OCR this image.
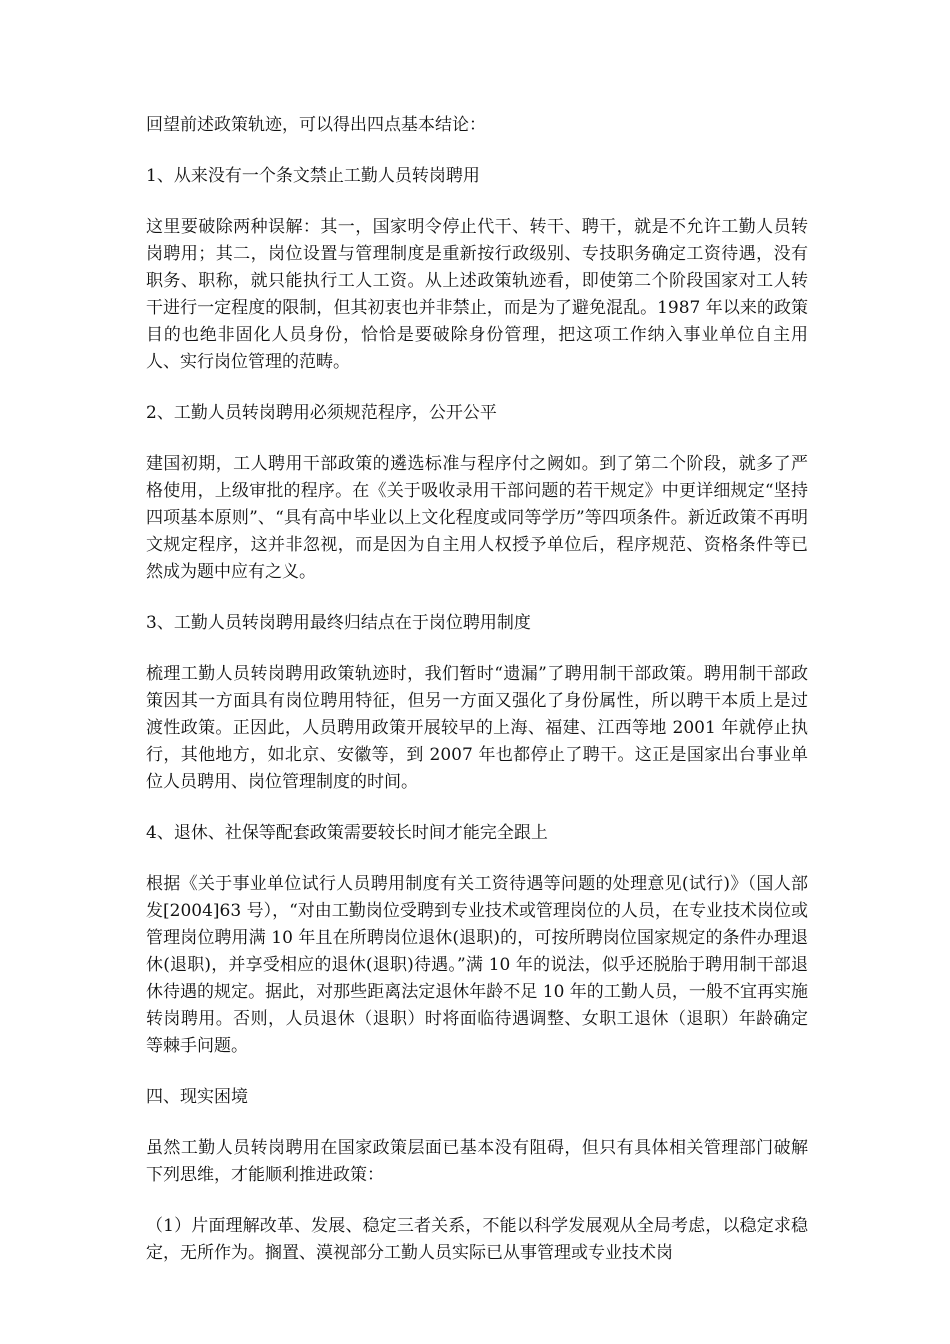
回望前述政策轨迹，可以得出四点基本结论：

1、从来没有一个条文禁止工勤人员转岗聘用

这里要破除两种误解：其一，国家明令停止代干、转干、聘干，就是不允许工勤人员转岗聘用；其二，岗位设置与管理制度是重新按行政级别、专技职务确定工资待遇，没有职务、职称，就只能执行工人工资。从上述政策轨迹看，即使第二个阶段国家对工人转干进行一定程度的限制，但其初衷也并非禁止，而是为了避免混乱。1987 年以来的政策目的也绝非固化人员身份，恰恰是要破除身份管理，把这项工作纳入事业单位自主用人、实行岗位管理的范畴。

2、工勤人员转岗聘用必须规范程序，公开公平

建国初期，工人聘用干部政策的遴选标准与程序付之阙如。到了第二个阶段，就多了严格使用，上级审批的程序。在《关于吸收录用干部问题的若干规定》中更详细规定“坚持四项基本原则”、“具有高中毕业以上文化程度或同等学历”等四项条件。新近政策不再明文规定程序，这并非忽视，而是因为自主用人权授予单位后，程序规范、资格条件等已然成为题中应有之义。

3、工勤人员转岗聘用最终归结点在于岗位聘用制度

梳理工勤人员转岗聘用政策轨迹时，我们暂时“遗漏”了聘用制干部政策。聘用制干部政策因其一方面具有岗位聘用特征，但另一方面又强化了身份属性，所以聘干本质上是过渡性政策。正因此，人员聘用政策开展较早的上海、福建、江西等地 2001 年就停止执行，其他地方，如北京、安徽等，到 2007 年也都停止了聘干。这正是国家出台事业单位人员聘用、岗位管理制度的时间。

4、退休、社保等配套政策需要较长时间才能完全跟上

根据《关于事业单位试行人员聘用制度有关工资待遇等问题的处理意见(试行)》（国人部发[2004]63 号），“对由工勤岗位受聘到专业技术或管理岗位的人员，在专业技术岗位或管理岗位聘用满 10 年且在所聘岗位退休(退职)的，可按所聘岗位国家规定的条件办理退休(退职)，并享受相应的退休(退职)待遇。”满 10 年的说法，似乎还脱胎于聘用制干部退休待遇的规定。据此，对那些距离法定退休年龄不足 10 年的工勤人员，一般不宜再实施转岗聘用。否则，人员退休（退职）时将面临待遇调整、女职工退休（退职）年龄确定等棘手问题。

四、现实困境

虽然工勤人员转岗聘用在国家政策层面已基本没有阻碍，但只有具体相关管理部门破解下列思维，才能顺利推进政策：

（1）片面理解改革、发展、稳定三者关系，不能以科学发展观从全局考虑，以稳定求稳定，无所作为。搁置、漠视部分工勤人员实际已从事管理或专业技术岗
